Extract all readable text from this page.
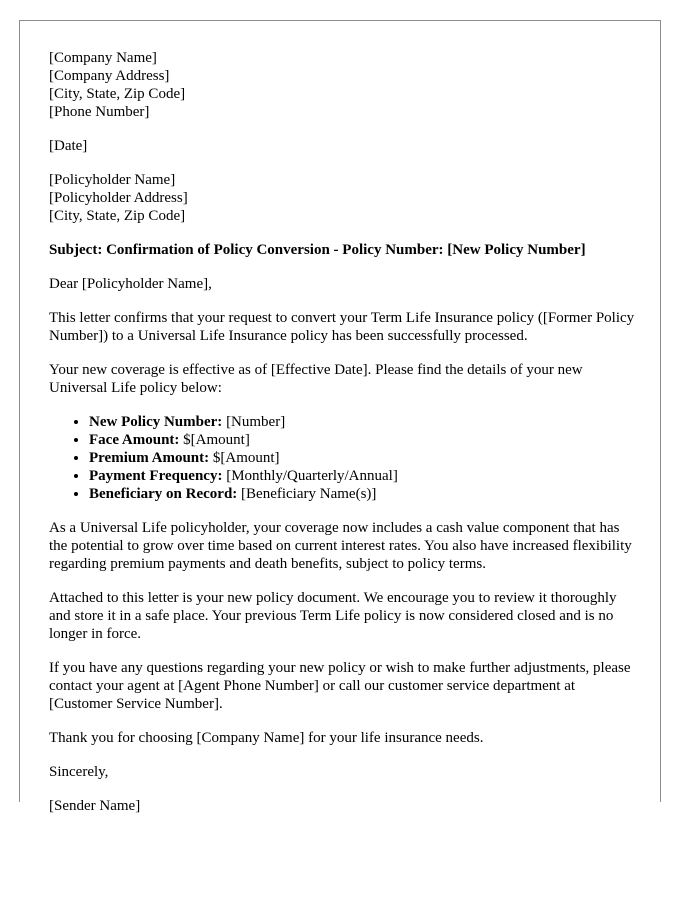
[Company Name]
[Company Address]
[City, State, Zip Code]
[Phone Number]
[Date]
[Policyholder Name]
[Policyholder Address]
[City, State, Zip Code]

Subject: Confirmation of Policy Conversion - Policy Number: [New Policy Number]

Dear [Policyholder Name],

This letter confirms that your request to convert your Term Life Insurance policy ([Former Policy Number]) to a Universal Life Insurance policy has been successfully processed.

Your new coverage is effective as of [Effective Date]. Please find the details of your new Universal Life policy below:

• New Policy Number: [Number]
• Face Amount: $[Amount]
• Premium Amount: $[Amount]
• Payment Frequency: [Monthly/Quarterly/Annual]
• Beneficiary on Record: [Beneficiary Name(s)]

As a Universal Life policyholder, your coverage now includes a cash value component that has the potential to grow over time based on current interest rates. You also have increased flexibility regarding premium payments and death benefits, subject to policy terms.

Attached to this letter is your new policy document. We encourage you to review it thoroughly and store it in a safe place. Your previous Term Life policy is now considered closed and is no longer in force.

If you have any questions regarding your new policy or wish to make further adjustments, please contact your agent at [Agent Phone Number] or call our customer service department at [Customer Service Number].

Thank you for choosing [Company Name] for your life insurance needs.

Sincerely,

[Sender Name]
